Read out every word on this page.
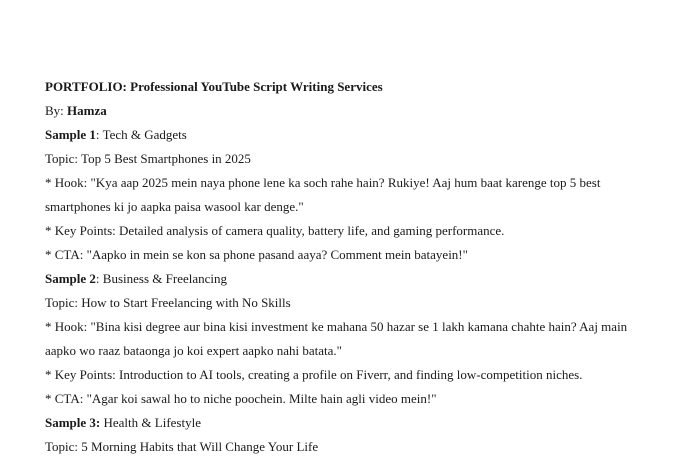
PORTFOLIO: Professional YouTube Script Writing Services
By: Hamza
Sample 1: Tech & Gadgets
Topic: Top 5 Best Smartphones in 2025
* Hook: "Kya aap 2025 mein naya phone lene ka soch rahe hain? Rukiye! Aaj hum baat karenge top 5 best smartphones ki jo aapka paisa wasool kar denge."
* Key Points: Detailed analysis of camera quality, battery life, and gaming performance.
* CTA: "Aapko in mein se kon sa phone pasand aaya? Comment mein batayein!"
Sample 2: Business & Freelancing
Topic: How to Start Freelancing with No Skills
* Hook: "Bina kisi degree aur bina kisi investment ke mahana 50 hazar se 1 lakh kamana chahte hain? Aaj main aapko wo raaz bataonga jo koi expert aapko nahi batata."
* Key Points: Introduction to AI tools, creating a profile on Fiverr, and finding low-competition niches.
* CTA: "Agar koi sawal ho to niche poochein. Milte hain agli video mein!"
Sample 3: Health & Lifestyle
Topic: 5 Morning Habits that Will Change Your Life
